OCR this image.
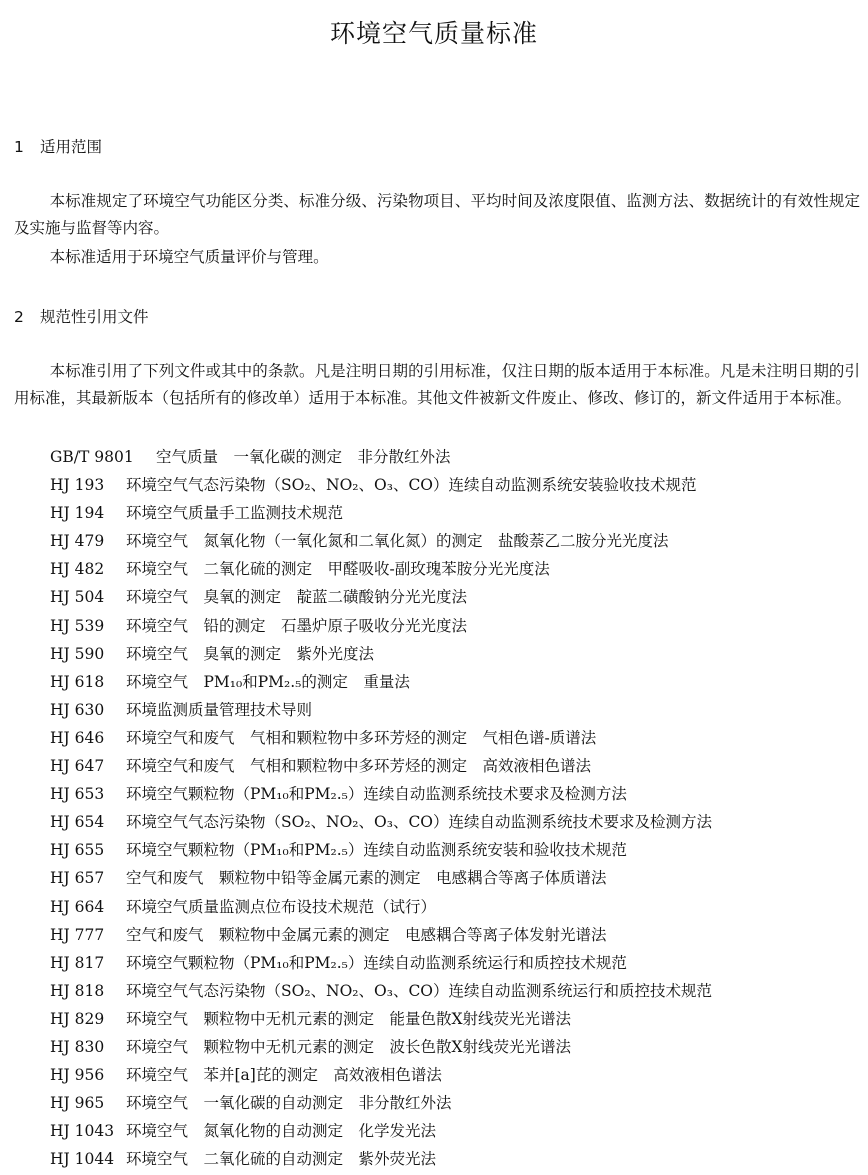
环境空气质量标准
1 适用范围
本标准规定了环境空气功能区分类、标准分级、污染物项目、平均时间及浓度限值、监测方法、数据统计的有效性规定及实施与监督等内容。
本标准适用于环境空气质量评价与管理。
2 规范性引用文件
本标准引用了下列文件或其中的条款。凡是注明日期的引用标准，仅注日期的版本适用于本标准。凡是未注明日期的引用标准，其最新版本（包括所有的修改单）适用于本标准。其他文件被新文件废止、修改、修订的，新文件适用于本标准。
GB/T 9801 空气质量　一氧化碳的测定　非分散红外法
HJ 193 环境空气气态污染物（SO₂、NO₂、O₃、CO）连续自动监测系统安装验收技术规范
HJ 194 环境空气质量手工监测技术规范
HJ 479 环境空气　氮氧化物（一氧化氮和二氧化氮）的测定　盐酸萘乙二胺分光光度法
HJ 482 环境空气　二氧化硫的测定　甲醛吸收-副玫瑰苯胺分光光度法
HJ 504 环境空气　臭氧的测定　靛蓝二磺酸钠分光光度法
HJ 539 环境空气　铅的测定　石墨炉原子吸收分光光度法
HJ 590 环境空气　臭氧的测定　紫外光度法
HJ 618 环境空气　PM₁₀和PM₂.₅的测定　重量法
HJ 630 环境监测质量管理技术导则
HJ 646 环境空气和废气　气相和颗粒物中多环芳烃的测定　气相色谱-质谱法
HJ 647 环境空气和废气　气相和颗粒物中多环芳烃的测定　高效液相色谱法
HJ 653 环境空气颗粒物（PM₁₀和PM₂.₅）连续自动监测系统技术要求及检测方法
HJ 654 环境空气气态污染物（SO₂、NO₂、O₃、CO）连续自动监测系统技术要求及检测方法
HJ 655 环境空气颗粒物（PM₁₀和PM₂.₅）连续自动监测系统安装和验收技术规范
HJ 657 空气和废气　颗粒物中铅等金属元素的测定　电感耦合等离子体质谱法
HJ 664 环境空气质量监测点位布设技术规范（试行）
HJ 777 空气和废气　颗粒物中金属元素的测定　电感耦合等离子体发射光谱法
HJ 817 环境空气颗粒物（PM₁₀和PM₂.₅）连续自动监测系统运行和质控技术规范
HJ 818 环境空气气态污染物（SO₂、NO₂、O₃、CO）连续自动监测系统运行和质控技术规范
HJ 829 环境空气　颗粒物中无机元素的测定　能量色散X射线荧光光谱法
HJ 830 环境空气　颗粒物中无机元素的测定　波长色散X射线荧光光谱法
HJ 956 环境空气　苯并[a]芘的测定　高效液相色谱法
HJ 965 环境空气　一氧化碳的自动测定　非分散红外法
HJ 1043 环境空气　氮氧化物的自动测定　化学发光法
HJ 1044 环境空气　二氧化硫的自动测定　紫外荧光法
